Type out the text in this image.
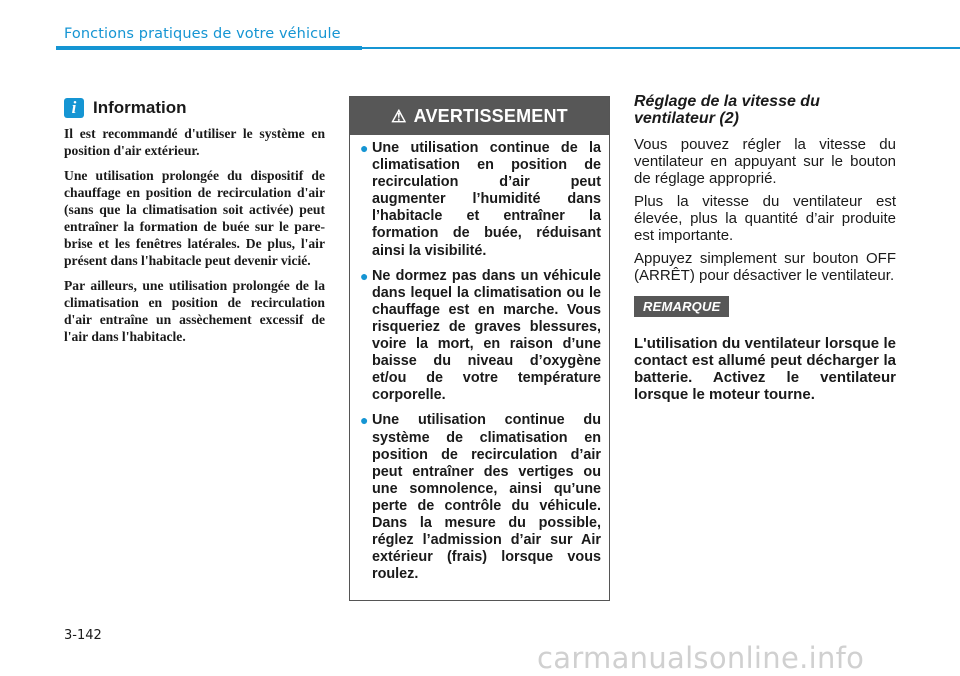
Fonctions pratiques de votre véhicule
i Information

Il est recommandé d'utiliser le système en position d'air extérieur.

Une utilisation prolongée du dispositif de chauffage en position de recirculation d'air (sans que la climatisation soit activée) peut entraîner la formation de buée sur le pare-brise et les fenêtres latérales. De plus, l'air présent dans l'habitacle peut devenir vicié.

Par ailleurs, une utilisation prolongée de la climatisation en position de recirculation d'air entraîne un assèchement excessif de l'air dans l'habitacle.

⚠ AVERTISSEMENT
● Une utilisation continue de la climatisation en position de recirculation d’air peut augmenter l’humidité dans l’habitacle et entraîner la formation de buée, réduisant ainsi la visibilité.
● Ne dormez pas dans un véhicule dans lequel la climatisation ou le chauffage est en marche. Vous risqueriez de graves blessures, voire la mort, en raison d’une baisse du niveau d’oxygène et/ou de votre température corporelle.
● Une utilisation continue du système de climatisation en position de recirculation d’air peut entraîner des vertiges ou une somnolence, ainsi qu’une perte de contrôle du véhicule. Dans la mesure du possible, réglez l’admission d’air sur Air extérieur (frais) lorsque vous roulez.
Réglage de la vitesse du ventilateur (2)

Vous pouvez régler la vitesse du ventilateur en appuyant sur le bouton de réglage approprié.

Plus la vitesse du ventilateur est élevée, plus la quantité d’air produite est importante.

Appuyez simplement sur bouton OFF (ARRÊT) pour désactiver le ventilateur.

REMARQUE

L'utilisation du ventilateur lorsque le contact est allumé peut décharger la batterie. Activez le ventilateur lorsque le moteur tourne.

3-142
carmanualsonline.info
